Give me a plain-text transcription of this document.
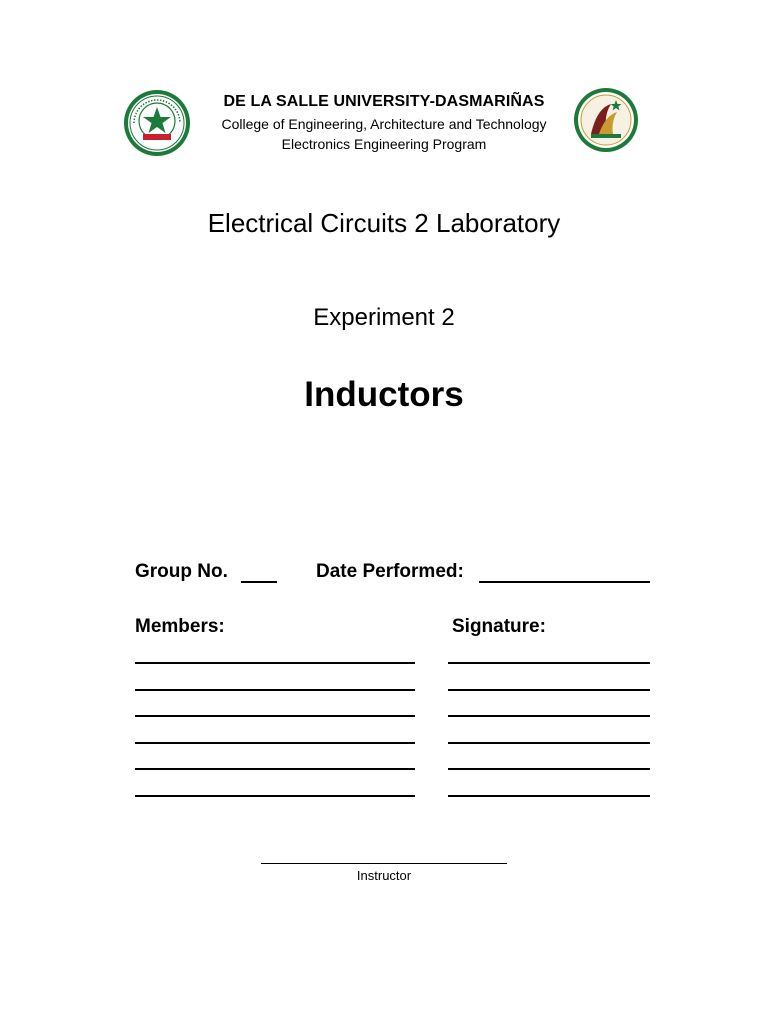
DE LA SALLE UNIVERSITY-DASMARIÑAS
College of Engineering, Architecture and Technology
Electronics Engineering Program
Electrical Circuits 2 Laboratory
Experiment 2
Inductors
Group No.	Date Performed:
Members:	Signature:
Instructor
